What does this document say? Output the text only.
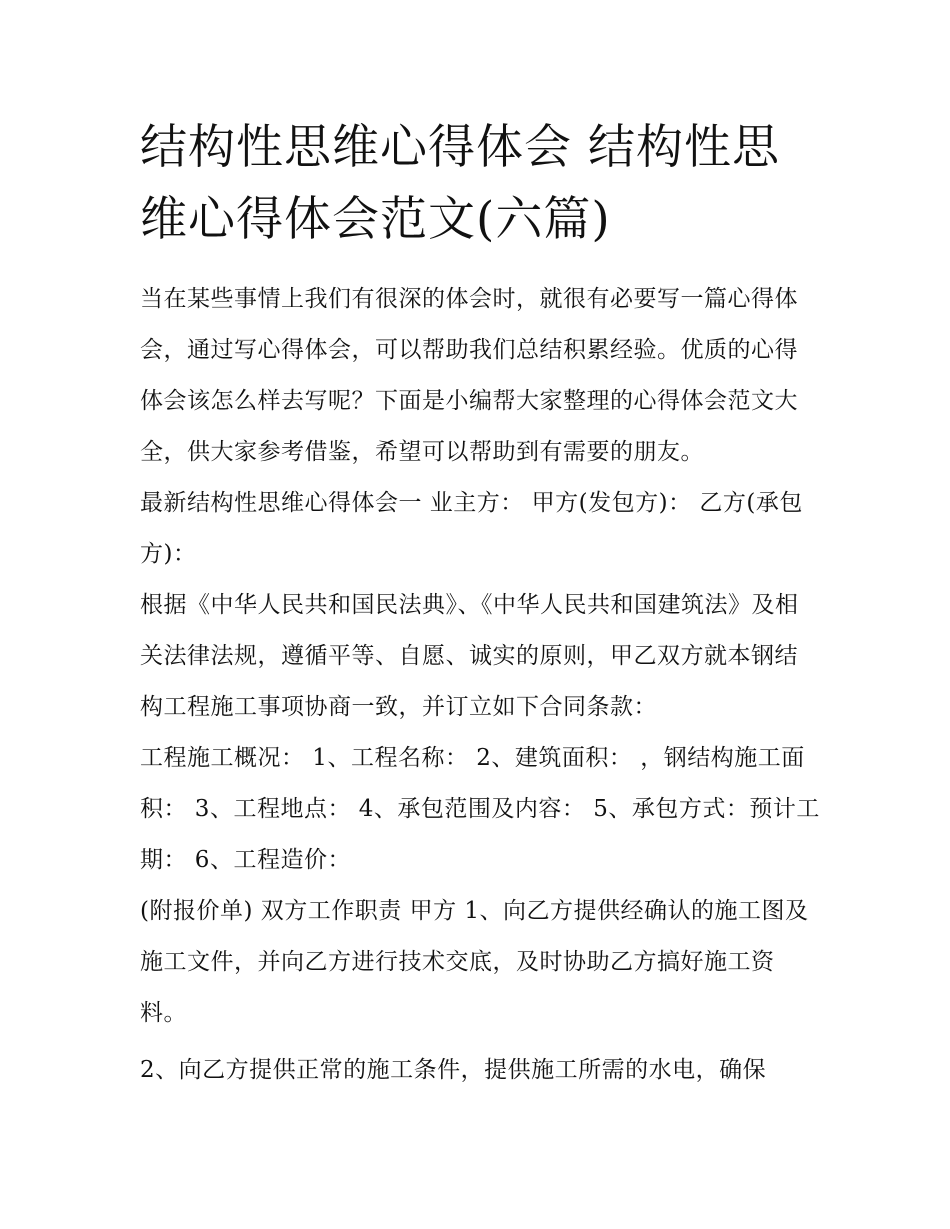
结构性思维心得体会 结构性思维心得体会范文(六篇)

当在某些事情上我们有很深的体会时，就很有必要写一篇心得体会，通过写心得体会，可以帮助我们总结积累经验。优质的心得体会该怎么样去写呢？下面是小编帮大家整理的心得体会范文大全，供大家参考借鉴，希望可以帮助到有需要的朋友。

最新结构性思维心得体会一 业主方： 甲方(发包方)： 乙方(承包方)：

根据《中华人民共和国民法典》、《中华人民共和国建筑法》及相关法律法规，遵循平等、自愿、诚实的原则，甲乙双方就本钢结构工程施工事项协商一致，并订立如下合同条款：

工程施工概况： 1、工程名称： 2、建筑面积： ，钢结构施工面积： 3、工程地点： 4、承包范围及内容： 5、承包方式：预计工期： 6、工程造价：

(附报价单) 双方工作职责 甲方 1、向乙方提供经确认的施工图及施工文件，并向乙方进行技术交底，及时协助乙方搞好施工资料。

2、向乙方提供正常的施工条件，提供施工所需的水电，确保
